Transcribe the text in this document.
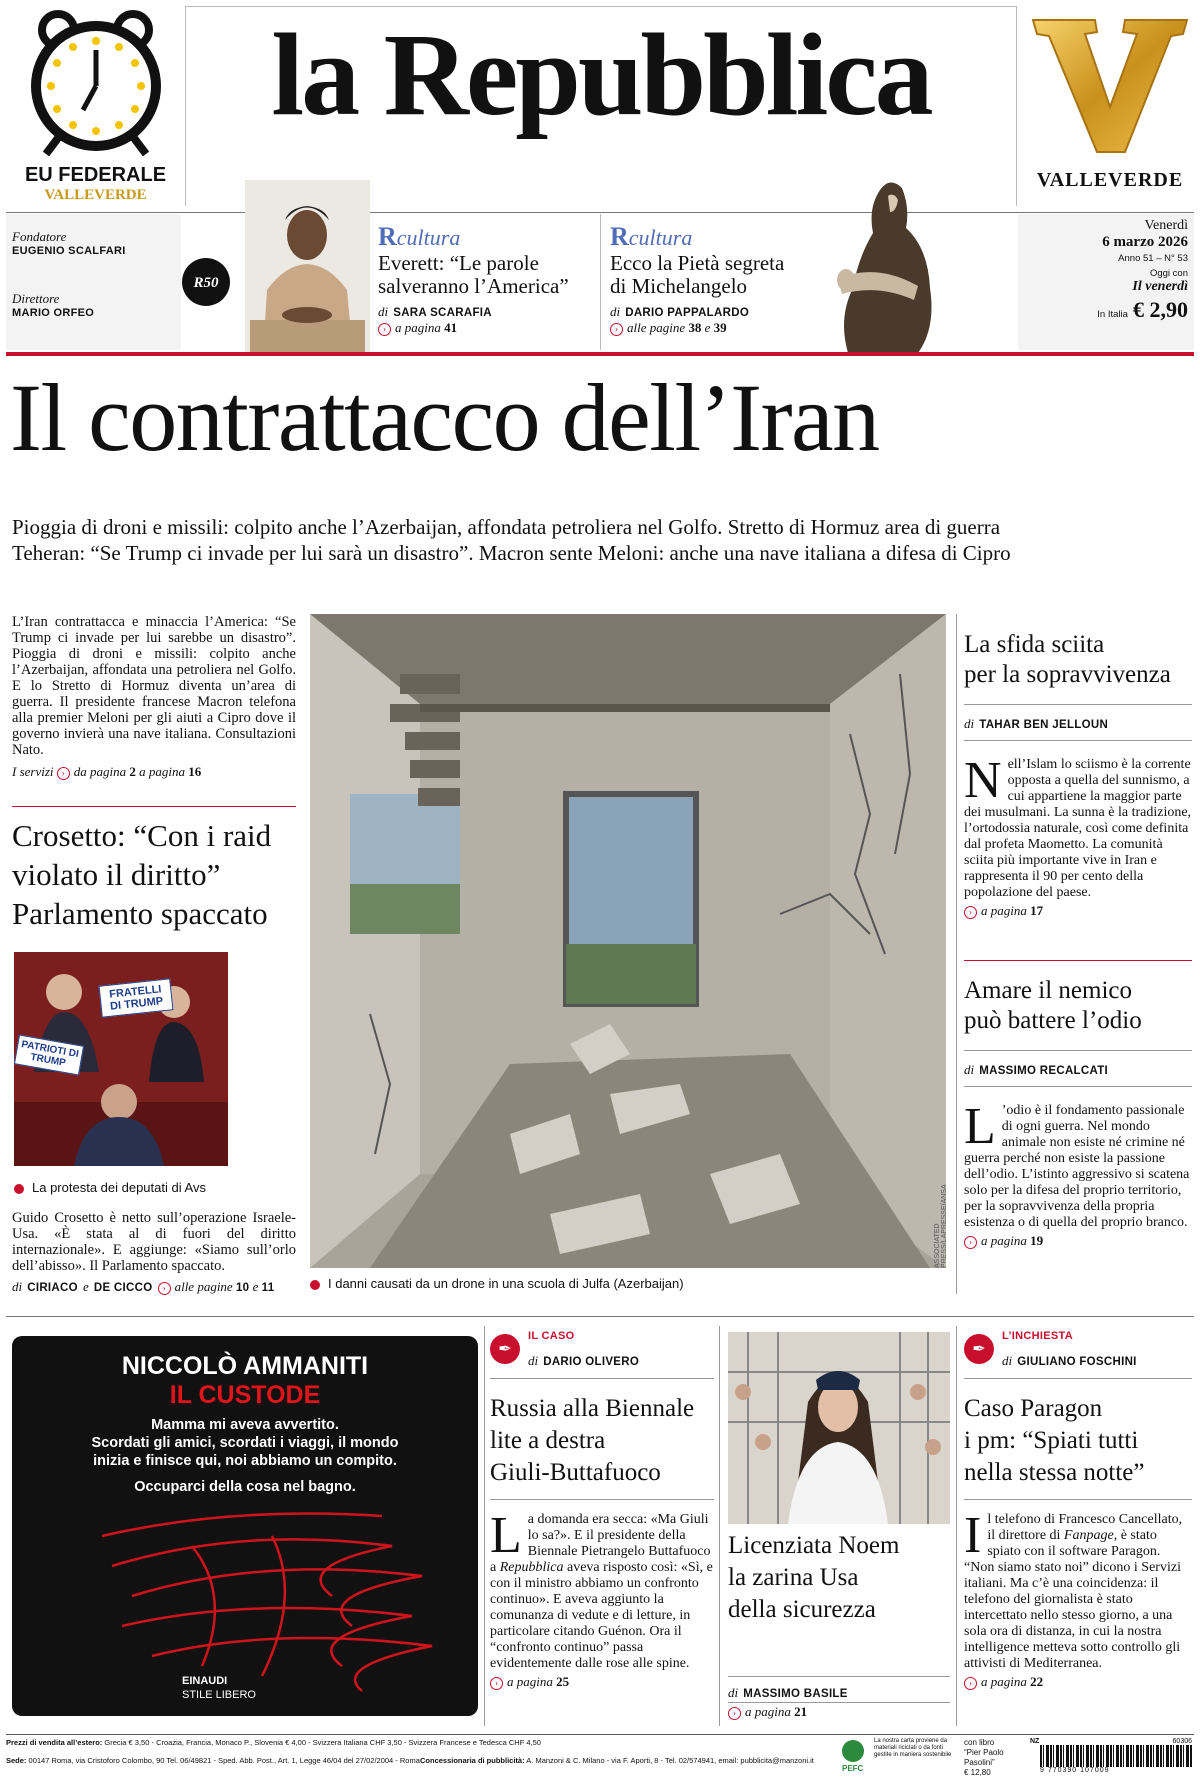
EU FEDERALE
VALLEVERDE
la Repubblica
VALLEVERDE
Fondatore
EUGENIO SCALFARI
Direttore
MARIO ORFEO
R50
Rcultura
Everett: “Le parole
salveranno l’America”
di SARA SCARAFIA
› a pagina 41
Rcultura
Ecco la Pietà segreta
di Michelangelo
di DARIO PAPPALARDO
› alle pagine 38 e 39
Venerdì
6 marzo 2026
Anno 51 – N° 53
Oggi con
Il venerdì
In Italia € 2,90
Il contrattacco dell’Iran
Pioggia di droni e missili: colpito anche l’Azerbaijan, affondata petroliera nel Golfo. Stretto di Hormuz area di guerra
Teheran: “Se Trump ci invade per lui sarà un disastro”. Macron sente Meloni: anche una nave italiana a difesa di Cipro
L’Iran contrattacca e minaccia l’America: “Se Trump ci invade per lui sarebbe un disastro”. Pioggia di droni e missili: colpito anche l’Azerbaijan, affondata una petroliera nel Golfo. E lo Stretto di Hormuz diventa un’area di guerra. Il presidente francese Macron telefona alla premier Meloni per gli aiuti a Cipro dove il governo invierà una nave italiana. Consultazioni Nato.
I servizi › da pagina 2 a pagina 16
Crosetto: “Con i raid
violato il diritto”
Parlamento spaccato
FRATELLI DI TRUMP
PATRIOTI DI TRUMP
La protesta dei deputati di Avs
Guido Crosetto è netto sull’operazione Israele-Usa. «È stata al di fuori del diritto internazionale». E aggiunge: «Siamo sull’orlo dell’abisso». Il Parlamento spaccato.
di CIRIACO e DE CICCO › alle pagine 10 e 11
ASSOCIATED PRESS/LAPRESSE/ANSA
I danni causati da un drone in una scuola di Julfa (Azerbaijan)
La sfida sciita
per la sopravvivenza
di TAHAR BEN JELLOUN
Nell’Islam lo sciismo è la corrente opposta a quella del sunnismo, a cui appartiene la maggior parte dei musulmani. La sunna è la tradizione, l’ortodossia naturale, così come definita dal profeta Maometto. La comunità sciita più importante vive in Iran e rappresenta il 90 per cento della popolazione del paese.
› a pagina 17
Amare il nemico
può battere l’odio
di MASSIMO RECALCATI
L ’odio è il fondamento passionale di ogni guerra. Nel mondo animale non esiste né crimine né guerra perché non esiste la passione dell’odio. L’istinto aggressivo si scatena solo per la difesa del proprio territorio, per la sopravvivenza della propria esistenza o di quella del proprio branco.
› a pagina 19
NICCOLÒ AMMANITI
IL CUSTODE
Mamma mi aveva avvertito.
Scordati gli amici, scordati i viaggi, il mondo
inizia e finisce qui, noi abbiamo un compito.
Occuparci della cosa nel bagno.
EINAUDI
STILE LIBERO
✒
IL CASO
di DARIO OLIVERO
Russia alla Biennale
lite a destra
Giuli-Buttafuoco
La domanda era secca: «Ma Giuli lo sa?». E il presidente della Biennale Pietrangelo Buttafuoco a Repubblica aveva risposto così: «Sì, e con il ministro abbiamo un confronto continuo». E aveva aggiunto la comunanza di vedute e di letture, in particolare citando Guénon. Ora il “confronto continuo” passa evidentemente dalle rose alle spine.
› a pagina 25
Licenziata Noem
la zarina Usa
della sicurezza
di MASSIMO BASILE
› a pagina 21
✒
L’INCHIESTA
di GIULIANO FOSCHINI
Caso Paragon
i pm: “Spiati tutti
nella stessa notte”
Il telefono di Francesco Cancellato, il direttore di Fanpage, è stato spiato con il software Paragon. “Non siamo stato noi” dicono i Servizi italiani. Ma c’è una coincidenza: il telefono del giornalista è stato intercettato nello stesso giorno, a una sola ora di distanza, in cui la nostra intelligence metteva sotto controllo gli attivisti di Mediterranea.
› a pagina 22
Prezzi di vendita all’estero: Grecia € 3,50 - Croazia, Francia, Monaco P., Slovenia € 4,00 - Svizzera Italiana CHF 3,50 - Svizzera Francese e Tedesca CHF 4,50
Sede: 00147 Roma, via Cristoforo Colombo, 90 Tel. 06/49821 - Sped. Abb. Post., Art. 1, Legge 46/04 del 27/02/2004 - Roma Concessionaria di pubblicità: A. Manzoni & C. Milano - via F. Aporti, 8 - Tel. 02/574941, email: pubblicita@manzoni.it
PEFC
La nostra carta proviene da materiali riciclati o da fonti gestite in maniera sostenibile
con libro
“Pier Paolo Pasolini”
€ 12,80
NZ	60306
9 770390 107009
